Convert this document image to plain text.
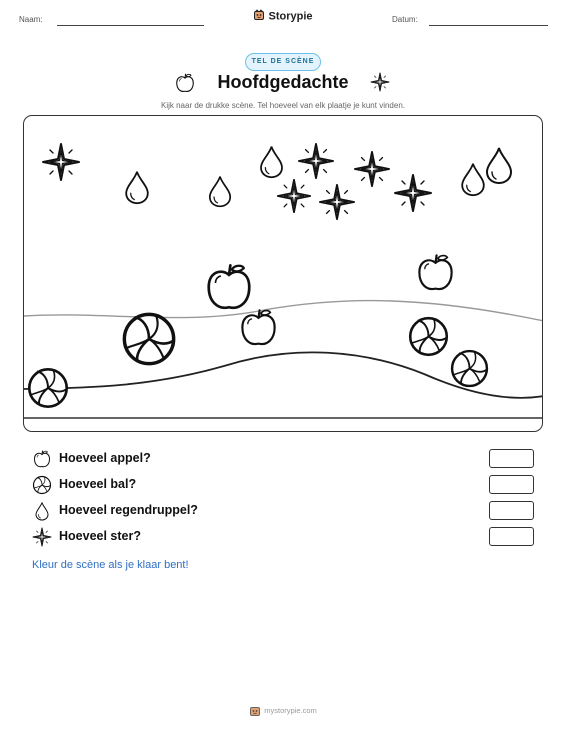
Naam:	Storypie	Datum:
TEL DE SCÈNE
Hoofdgedachte
Kijk naar de drukke scène. Tel hoeveel van elk plaatje je kunt vinden.
Hoeveel appel?
Hoeveel bal?
Hoeveel regendruppel?
Hoeveel ster?
Kleur de scène als je klaar bent!
mystorypie.com
